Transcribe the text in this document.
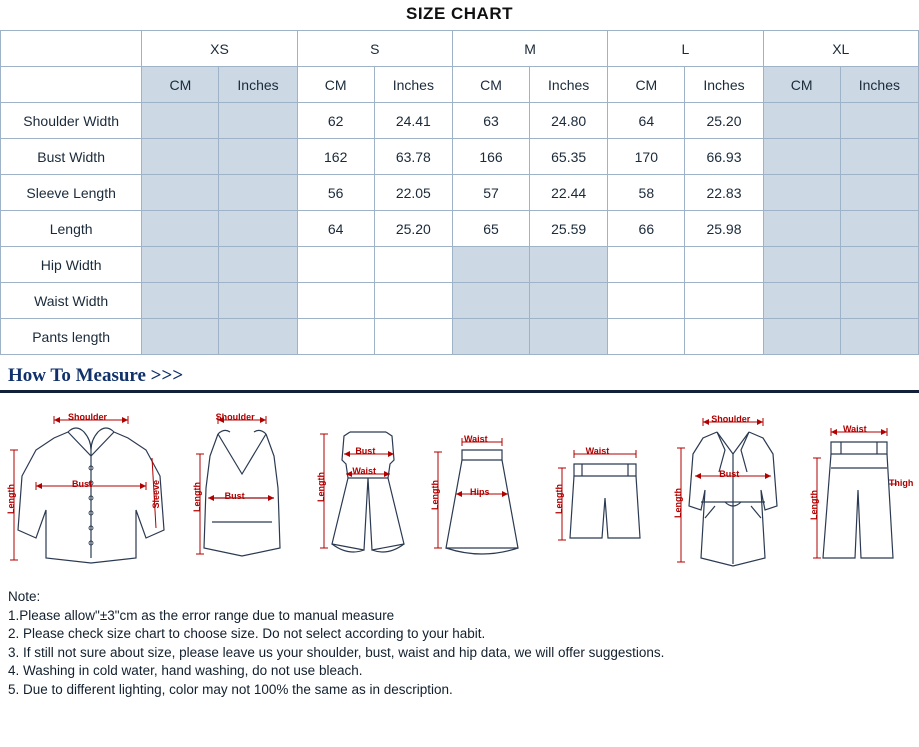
SIZE CHART
	XS		S		M		L		XL	
	CM	Inches	CM	Inches	CM	Inches	CM	Inches	CM	Inches
Shoulder Width			62	24.41	63	24.80	64	25.20		
Bust Width			162	63.78	166	65.35	170	66.93		
Sleeve Length			56	22.05	57	22.44	58	22.83		
Length			64	25.20	65	25.59	66	25.98		
Hip Width										
Waist Width										
Pants length										
How To Measure >>>
Shoulder
Bust	Sleeve
Length
Shoulder
Bust
Length
Bust
Waist
Length
Waist
Hips
Length
Waist
Length
Shoulder
Bust
Length
Waist
Thigh
Length
Note:
1.Please allow"±3"cm as the error range due to manual measure
2. Please check size chart to choose size. Do not select according to your habit.
3. If still not sure about size, please leave us your shoulder, bust, waist and hip data, we will offer suggestions.
4. Washing in cold water, hand washing, do not use bleach.
5. Due to different lighting, color may not 100% the same as in description.
